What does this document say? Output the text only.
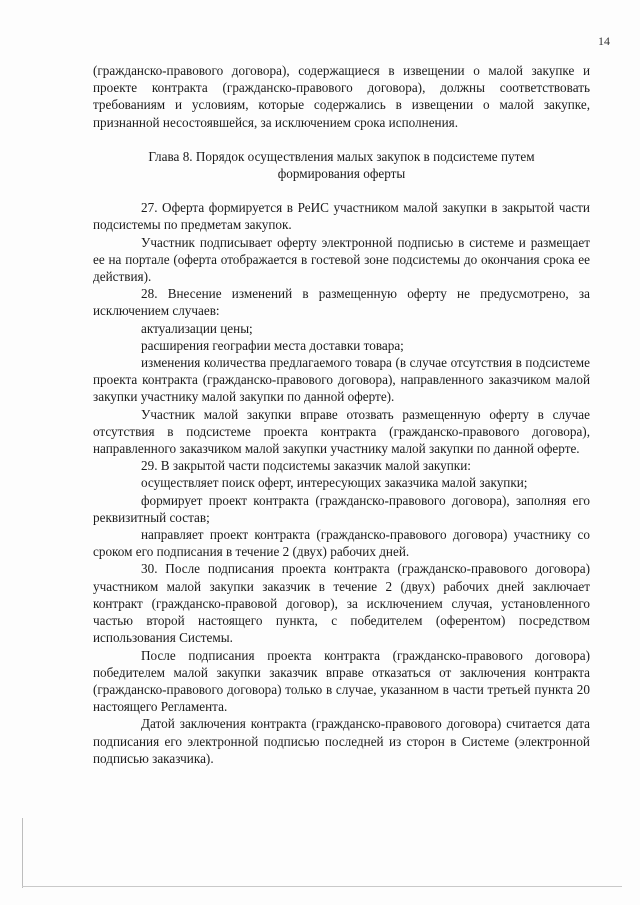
14

(гражданско-правового договора), содержащиеся в извещении о малой закупке и проекте контракта (гражданско-правового договора), должны соответствовать требованиям и условиям, которые содержались в извещении о малой закупке, признанной несостоявшейся, за исключением срока исполнения.

Глава 8. Порядок осуществления малых закупок в подсистеме путем формирования оферты

27. Оферта формируется в РеИС участником малой закупки в закрытой части подсистемы по предметам закупок.

Участник подписывает оферту электронной подписью в системе и размещает ее на портале (оферта отображается в гостевой зоне подсистемы до окончания срока ее действия).

28. Внесение изменений в размещенную оферту не предусмотрено, за исключением случаев:

актуализации цены;

расширения географии места доставки товара;

изменения количества предлагаемого товара (в случае отсутствия в подсистеме проекта контракта (гражданско-правового договора), направленного заказчиком малой закупки участнику малой закупки по данной оферте).

Участник малой закупки вправе отозвать размещенную оферту в случае отсутствия в подсистеме проекта контракта (гражданско-правового договора), направленного заказчиком малой закупки участнику малой закупки по данной оферте.

29. В закрытой части подсистемы заказчик малой закупки:

осуществляет поиск оферт, интересующих заказчика малой закупки;

формирует проект контракта (гражданско-правового договора), заполняя его реквизитный состав;

направляет проект контракта (гражданско-правового договора) участнику со сроком его подписания в течение 2 (двух) рабочих дней.

30. После подписания проекта контракта (гражданско-правового договора) участником малой закупки заказчик в течение 2 (двух) рабочих дней заключает контракт (гражданско-правовой договор), за исключением случая, установленного частью второй настоящего пункта, с победителем (оферентом) посредством использования Системы.

После подписания проекта контракта (гражданско-правового договора) победителем малой закупки заказчик вправе отказаться от заключения контракта (гражданско-правового договора) только в случае, указанном в части третьей пункта 20 настоящего Регламента.

Датой заключения контракта (гражданско-правового договора) считается дата подписания его электронной подписью последней из сторон в Системе (электронной подписью заказчика).
